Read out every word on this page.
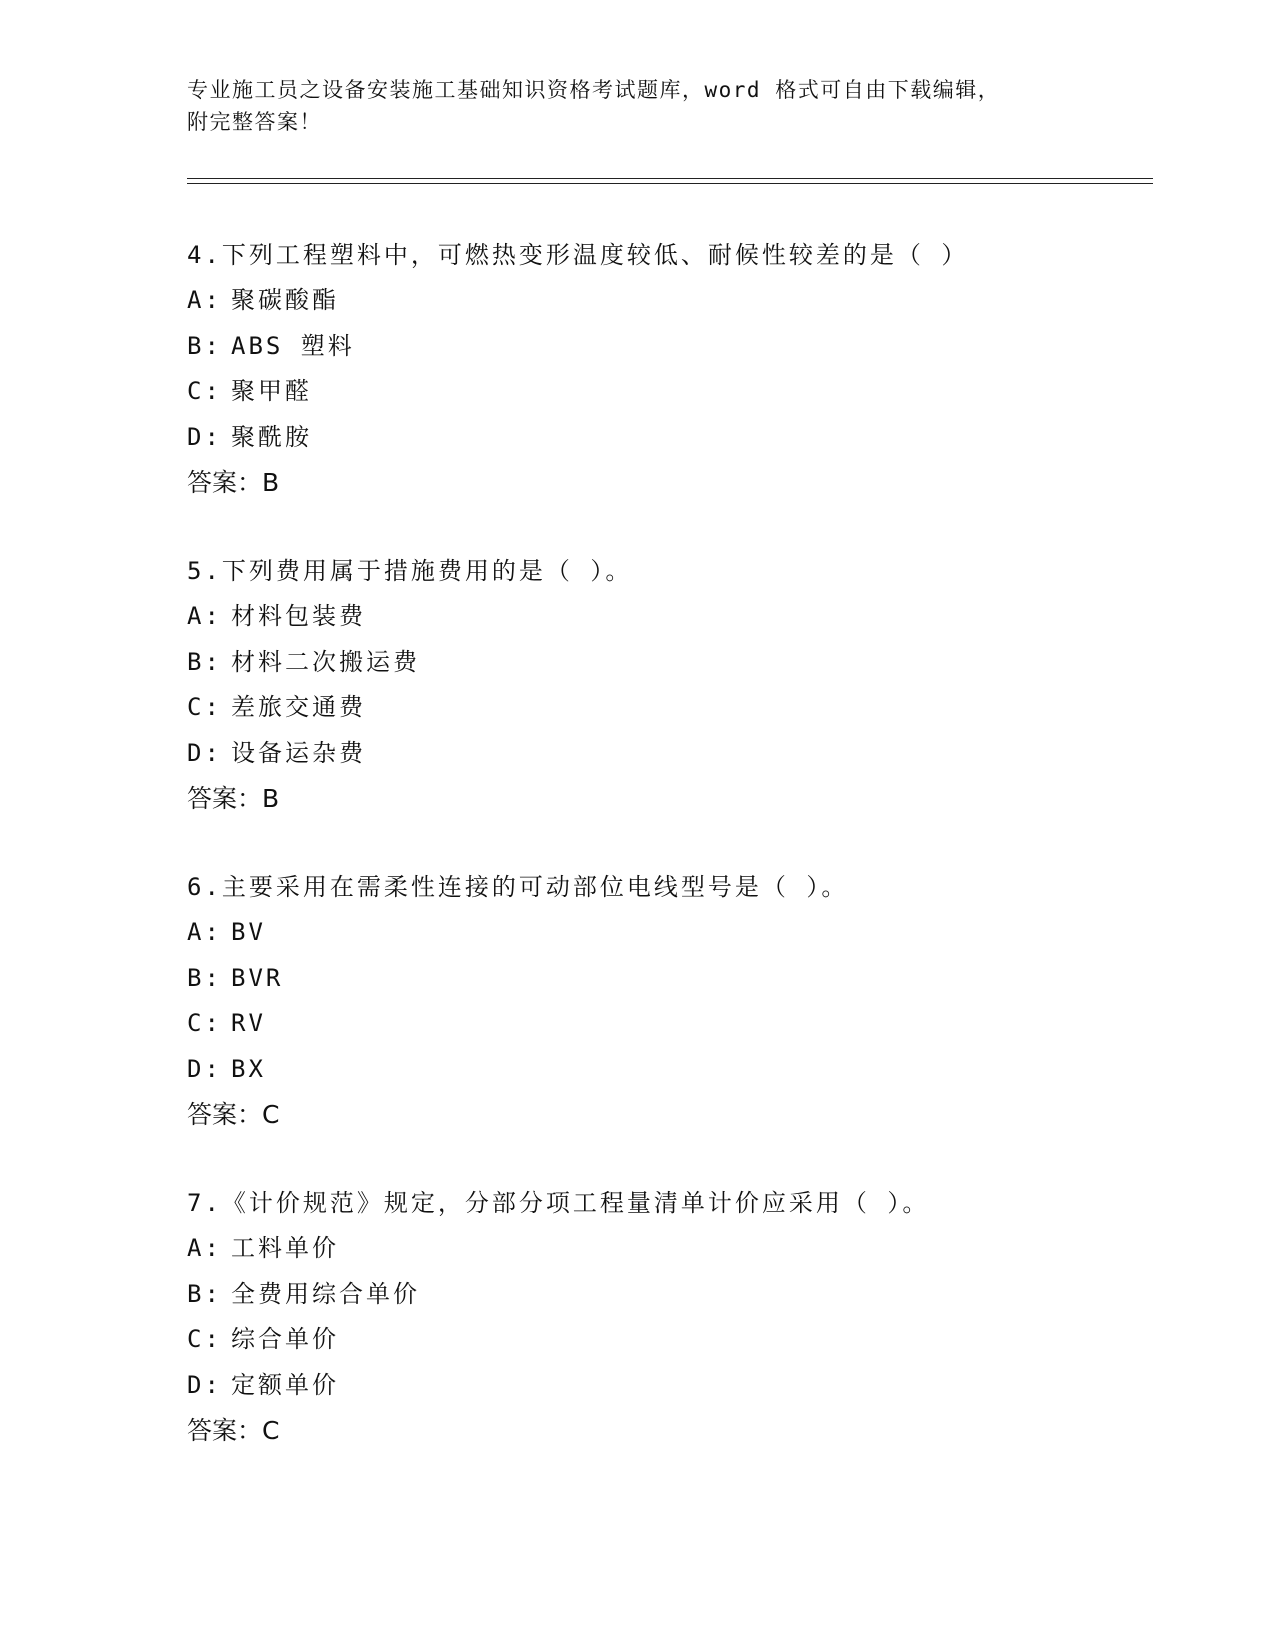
专业施工员之设备安装施工基础知识资格考试题库，word 格式可自由下载编辑，
附完整答案！
4.下列工程塑料中，可燃热变形温度较低、耐候性较差的是（ ）
A: 聚碳酸酯
B: ABS 塑料
C: 聚甲醛
D: 聚酰胺
答案：B
5.下列费用属于措施费用的是（ ）。
A: 材料包装费
B: 材料二次搬运费
C: 差旅交通费
D: 设备运杂费
答案：B
6.主要采用在需柔性连接的可动部位电线型号是（ ）。
A: BV
B: BVR
C: RV
D: BX
答案：C
7.《计价规范》规定，分部分项工程量清单计价应采用（ ）。
A: 工料单价
B: 全费用综合单价
C: 综合单价
D: 定额单价
答案：C
